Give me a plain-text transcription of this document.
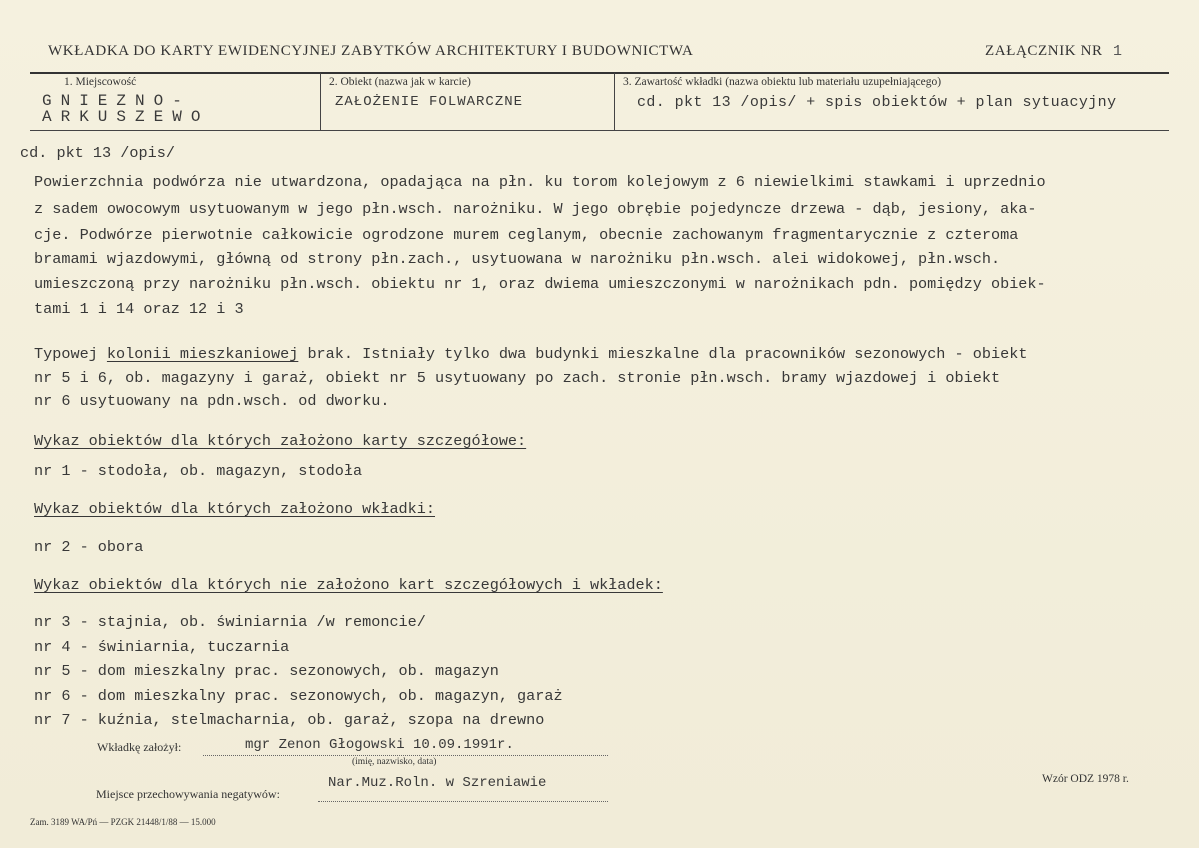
WKŁADKA DO KARTY EWIDENCYJNEJ ZABYTKÓW ARCHITEKTURY I BUDOWNICTWA	ZAŁĄCZNIK NR 1
1. Miejscowość
GNIEZNO-
ARKUSZEWO
2. Obiekt (nazwa jak w karcie)
ZAŁOŻENIE FOLWARCZNE
3. Zawartość wkładki (nazwa obiektu lub materiału uzupełniającego)
cd. pkt 13 /opis/ + spis obiektów + plan sytuacyjny
cd. pkt 13 /opis/
Powierzchnia podwórza nie utwardzona, opadająca na płn. ku torom kolejowym z 6 niewielkimi stawkami i uprzednio
z sadem owocowym usytuowanym w jego płn.wsch. narożniku. W jego obrębie pojedyncze drzewa - dąb, jesiony, aka-
cje. Podwórze pierwotnie całkowicie ogrodzone murem ceglanym, obecnie zachowanym fragmentarycznie z czteroma
bramami wjazdowymi, główną od strony płn.zach., usytuowana w narożniku płn.wsch. alei widokowej, płn.wsch.
umieszczoną przy narożniku płn.wsch. obiektu nr 1, oraz dwiema umieszczonymi w narożnikach pdn. pomiędzy obiek-
tami 1 i 14 oraz 12 i 3
Typowej kolonii mieszkaniowej brak. Istniały tylko dwa budynki mieszkalne dla pracowników sezonowych - obiekt
nr 5 i 6, ob. magazyny i garaż, obiekt nr 5 usytuowany po zach. stronie płn.wsch. bramy wjazdowej i obiekt
nr 6 usytuowany na pdn.wsch. od dworku.
Wykaz obiektów dla których założono karty szczegółowe:
nr 1 - stodoła, ob. magazyn, stodoła
Wykaz obiektów dla których założono wkładki:
nr 2 - obora
Wykaz obiektów dla których nie założono kart szczegółowych i wkładek:
nr 3 - stajnia, ob. świniarnia /w remoncie/
nr 4 - świniarnia, tuczarnia
nr 5 - dom mieszkalny prac. sezonowych, ob. magazyn
nr 6 - dom mieszkalny prac. sezonowych, ob. magazyn, garaż
nr 7 - kuźnia, stelmacharnia, ob. garaż, szopa na drewno
Wkładkę założył:	mgr Zenon Głogowski 10.09.1991r.
(imię, nazwisko, data)
Miejsce przechowywania negatywów:
Nar.Muz.Roln. w Szreniawie	Wzór ODZ 1978 r.
Zam. 3189 WA/Pń — PZGK 21448/1/88 — 15.000
